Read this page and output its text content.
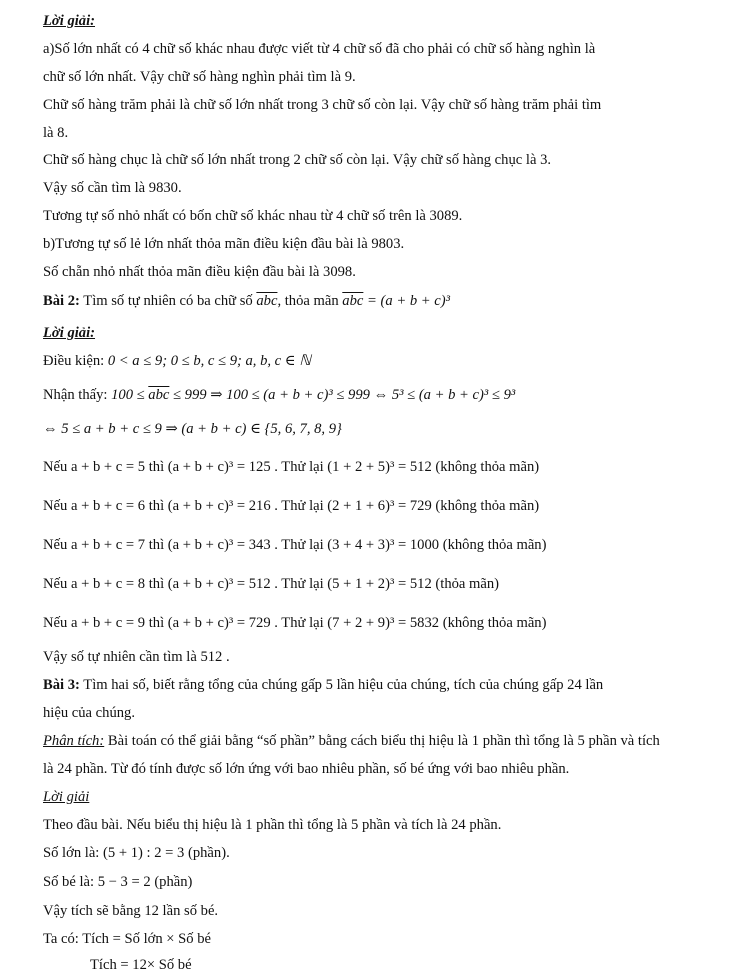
Lời giải:
a)Số lớn nhất có 4 chữ số khác nhau được viết từ 4 chữ số đã cho phải có chữ số hàng nghìn là
chữ số lớn nhất. Vậy chữ số hàng nghìn phải tìm là 9.
Chữ số hàng trăm phải là chữ số lớn nhất trong 3 chữ số còn lại. Vậy chữ số hàng trăm phải tìm
là 8.
Chữ số hàng chục là chữ số lớn nhất trong 2 chữ số còn lại. Vậy chữ số hàng chục là 3.
Vậy số cần tìm là 9830.
Tương tự số nhỏ nhất có bốn chữ số khác nhau từ 4 chữ số trên là 3089.
b)Tương tự số lẻ lớn nhất thỏa mãn điều kiện đầu bài là 9803.
Số chẵn nhỏ nhất thỏa mãn điều kiện đầu bài là 3098.
Bài 2: Tìm số tự nhiên có ba chữ số $\overline{abc}$, thỏa mãn $\overline{abc} = (a + b + c)^3$
Lời giải:
Điều kiện: 0 < a ≤ 9; 0 ≤ b, c ≤ 9; a, b, c ∈ ℕ
Nhận thấy: $100 \le \overline{abc} \le 999$ ⇒ 100 ≤ (a + b + c)³ ≤ 999 ⇔ 5³ ≤ (a + b + c)³ ≤ 9³
⇔ 5 ≤ a + b + c ≤ 9 ⇒ (a + b + c) ∈ {5, 6, 7, 8, 9}
Nếu a + b + c = 5 thì (a + b + c)³ = 125 . Thử lại (1 + 2 + 5)³ = 512 (không thỏa mãn)
Nếu a + b + c = 6 thì (a + b + c)³ = 216 . Thử lại (2 + 1 + 6)³ = 729 (không thỏa mãn)
Nếu a + b + c = 7 thì (a + b + c)³ = 343 . Thử lại (3 + 4 + 3)³ = 1000 (không thỏa mãn)
Nếu a + b + c = 8 thì (a + b + c)³ = 512 . Thử lại (5 + 1 + 2)³ = 512 (thỏa mãn)
Nếu a + b + c = 9 thì (a + b + c)³ = 729 . Thử lại (7 + 2 + 9)³ = 5832 (không thỏa mãn)
Vậy số tự nhiên cần tìm là 512 .
Bài 3: Tìm hai số, biết rằng tổng của chúng gấp 5 lần hiệu của chúng, tích của chúng gấp 24 lần
hiệu của chúng.
Phân tích: Bài toán có thể giải bằng “số phần” bằng cách biểu thị hiệu là 1 phần thì tổng là 5 phần và tích
là 24 phần. Từ đó tính được số lớn ứng với bao nhiêu phần, số bé ứng với bao nhiêu phần.
Lời giải
Theo đầu bài. Nếu biểu thị hiệu là 1 phần thì tổng là 5 phần và tích là 24 phần.
Số lớn là: (5 + 1) : 2 = 3 (phần).
Số bé là: 5 − 3 = 2 (phần)
Vậy tích sẽ bằng 12 lần số bé.
Ta có: Tích = Số lớn × Số bé
Tích = 12× Số bé
